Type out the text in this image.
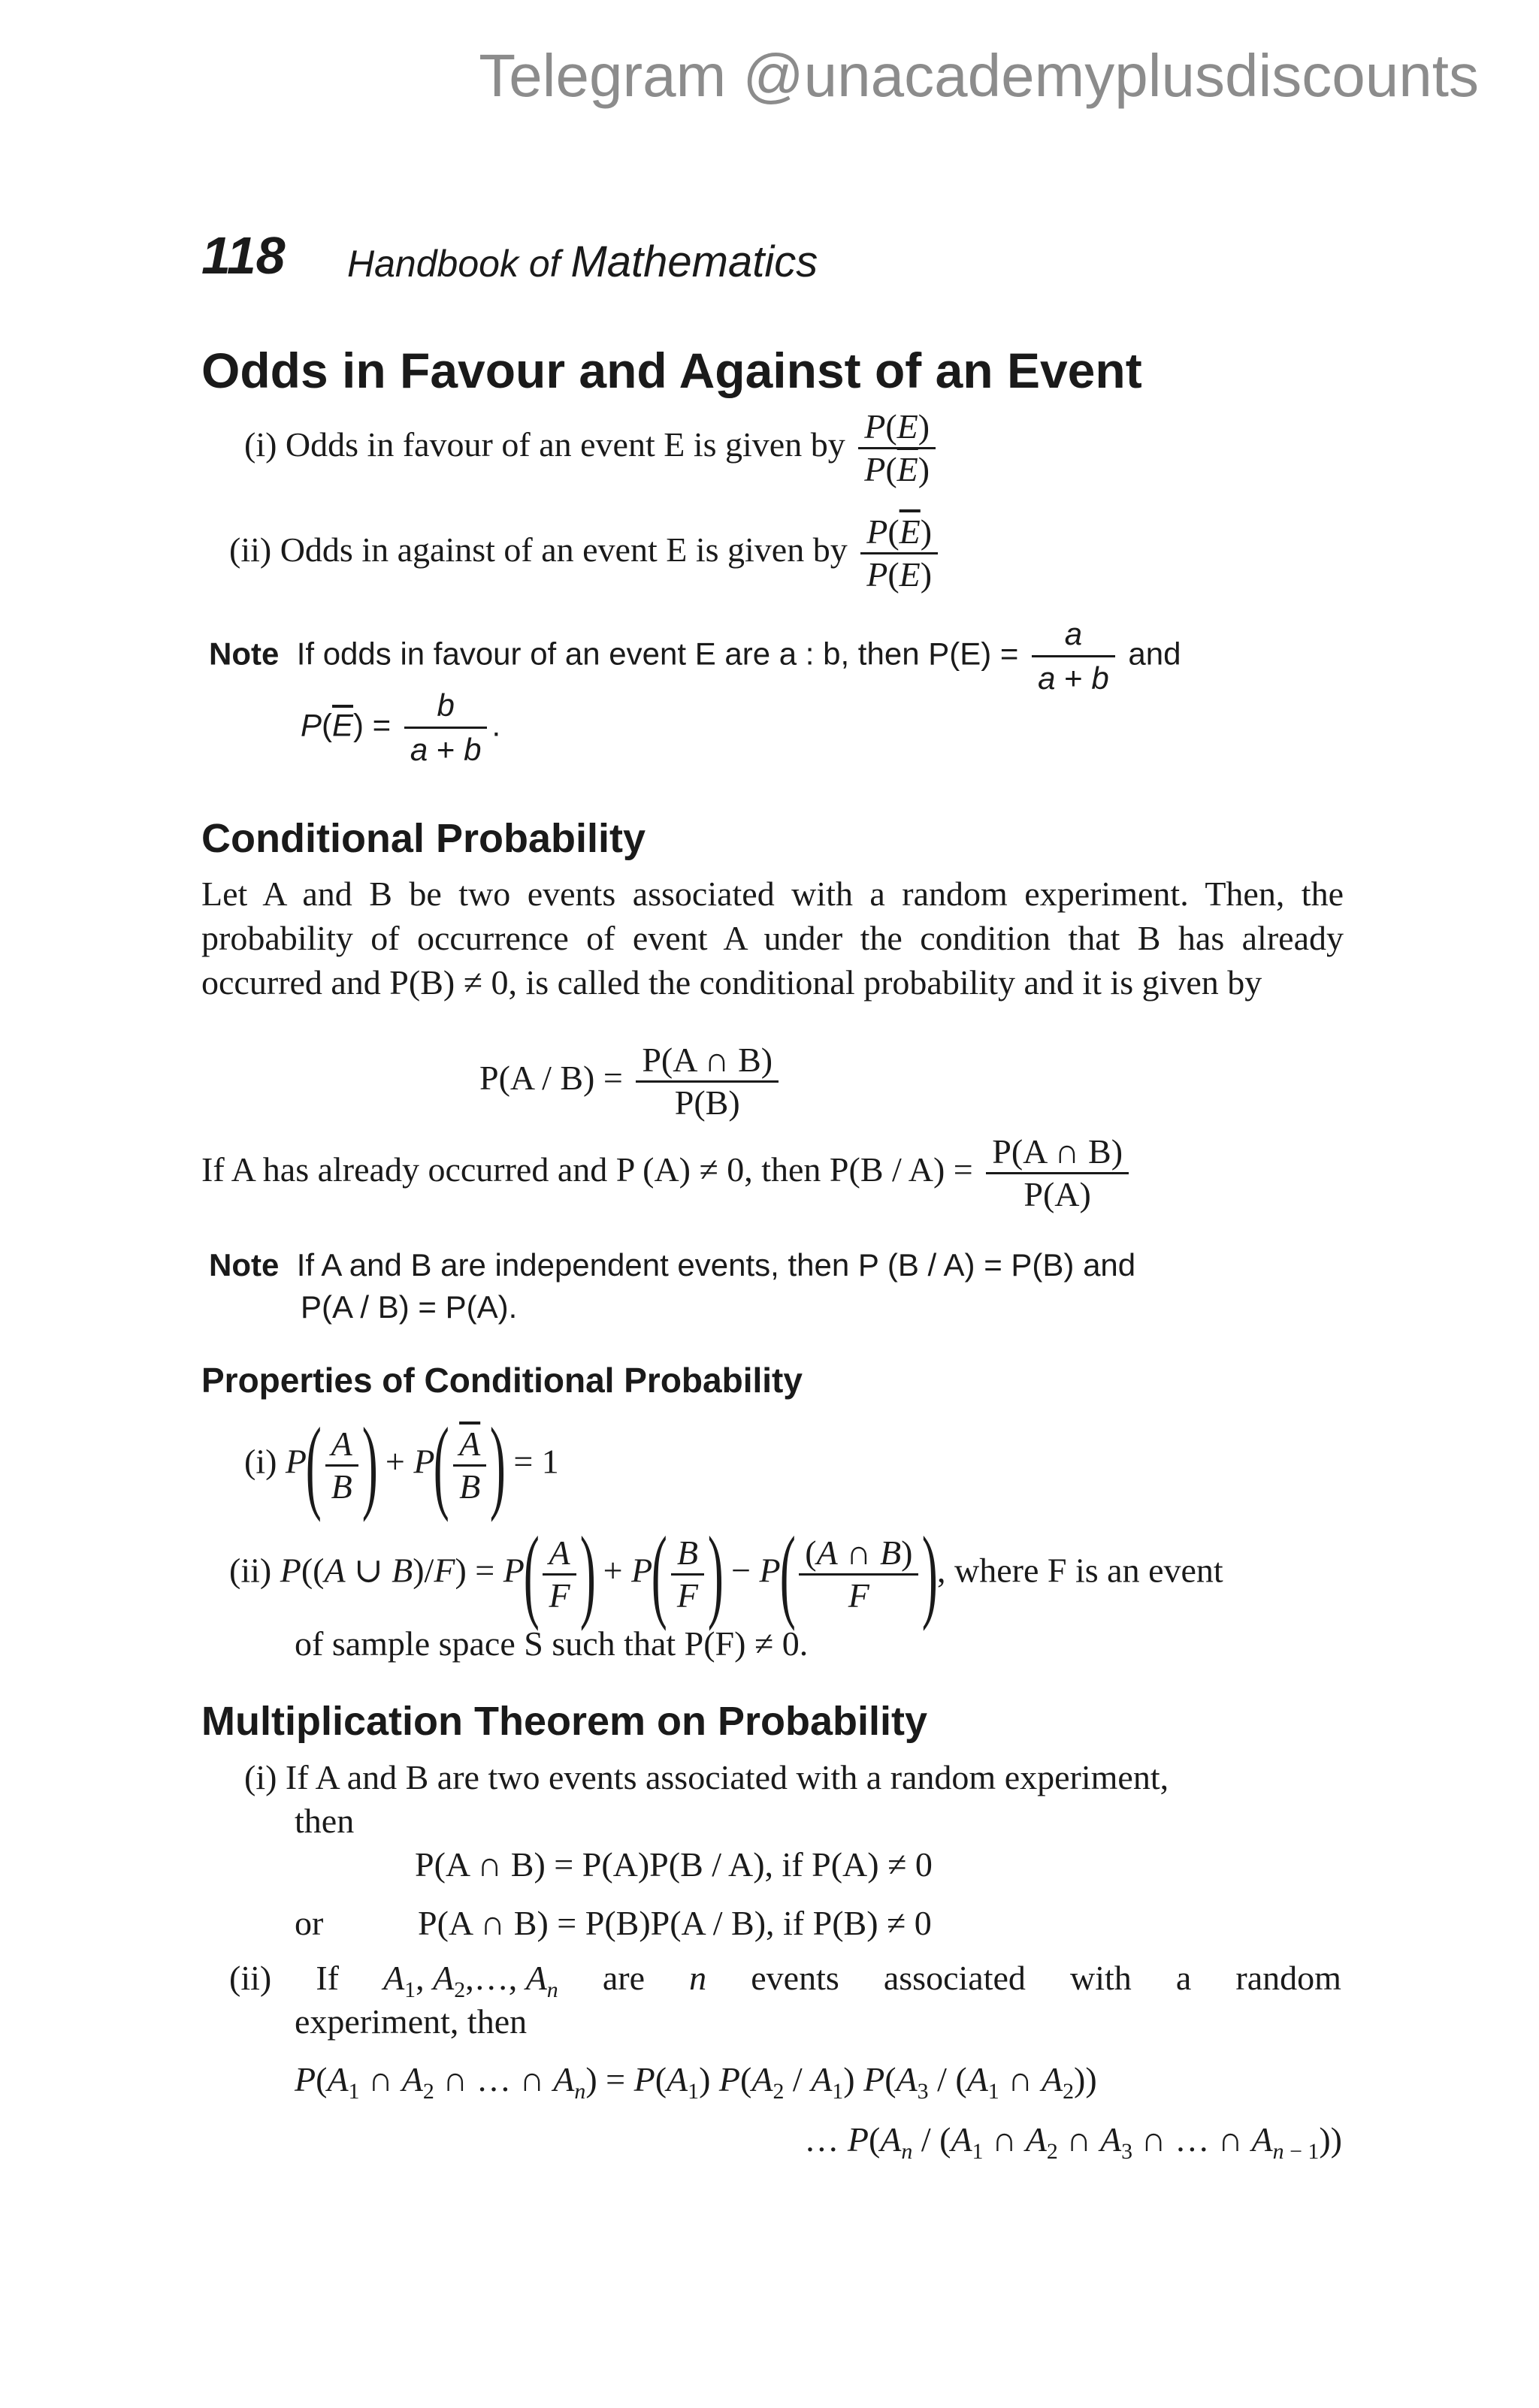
Telegram @unacademyplusdiscounts
118 Handbook of Mathematics
Odds in Favour and Against of an Event
(i) Odds in favour of an event E is given by $\frac{P(E)}{P(\overline{E})}$
(ii) Odds in against of an event E is given by $\frac{P(\overline{E})}{P(E)}$
Note If odds in favour of an event E are a : b, then $P(E) = \frac{a}{a + b}$ and
$P(\overline{E}) = \frac{b}{a + b}$ .
Conditional Probability
Let A and B be two events associated with a random experiment. Then, the probability of occurrence of event A under the condition that B has already occurred and P(B) ≠ 0, is called the conditional probability and it is given by
$P(A / B) = \frac{P(A \cap B)}{P(B)}$
If A has already occurred and P (A) ≠ 0, then $P(B / A) = \frac{P(A \cap B)}{P(A)}$
Note If A and B are independent events, then P (B / A) = P(B) and
P(A / B) = P(A).
Properties of Conditional Probability
(i) $P( \frac{A}{B}$ ) + $P( \frac{\overline{A}}{B}$ ) = 1
(ii) P((A ∪ $B)/F) = P( \frac{A}{F}$ ) + $P( \frac{B}{F}$ ) − $P( \frac{(A \cap B)}{F}$ ), where F is an event
of sample space S such that P(F) ≠ 0.
Multiplication Theorem on Probability
(i) If A and B are two events associated with a random experiment,
then
P(A ∩ B) = P(A)P(B / A), if P(A) ≠ 0
or	P(A ∩ B) = P(B)P(A / B), if P(B) ≠ 0
(ii) If $A_1$, $A_2,\dots$, $A_n$ are n events associated with a random
experiment, then
$P(A_1$ ∩ $A_2$ ∩ … ∩ $A_n) = P(A_1)$ $P(A_2 / A_1)$ $P(A_3 / (A_1$ ∩ $A_2$))
… $P(A_n / (A_1$ ∩ $A_2$ ∩ $A_3$ ∩ … ∩ $A_{n - 1}$))
